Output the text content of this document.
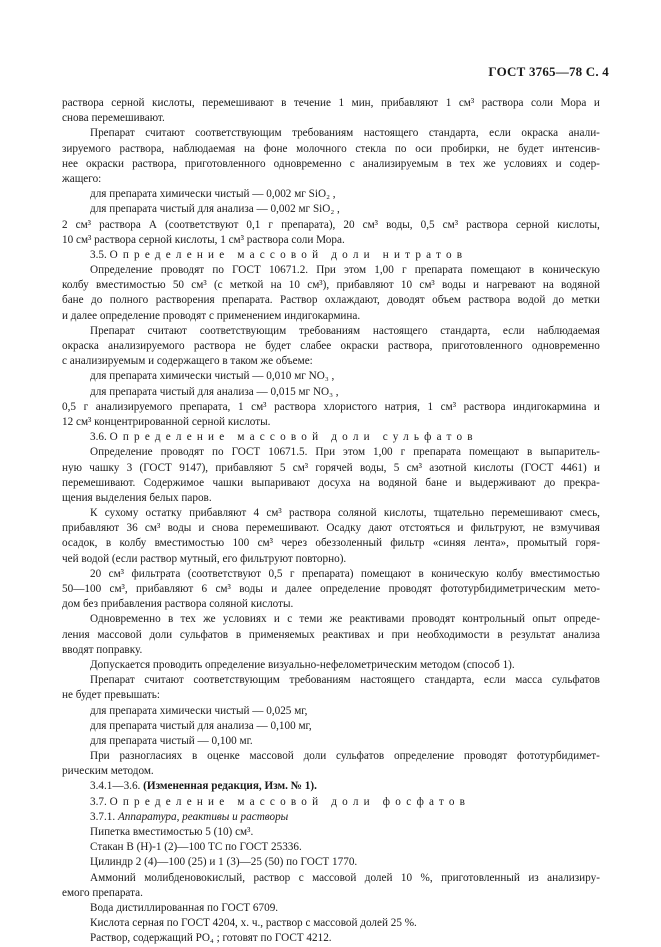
ГОСТ 3765—78 С. 4
раствора серной кислоты, перемешивают в течение 1 мин, прибавляют 1 см³ раствора соли Мора и
снова перемешивают.
Препарат считают соответствующим требованиям настоящего стандарта, если окраска анали-
зируемого раствора, наблюдаемая на фоне молочного стекла по оси пробирки, не будет интенсив-
нее окраски раствора, приготовленного одновременно с анализируемым в тех же условиях и содер-
жащего:
для препарата химически чистый — 0,002 мг SiO₂ ,
для препарата чистый для анализа — 0,002 мг SiO₂ ,
2 см³ раствора А (соответствуют 0,1 г препарата), 20 см³ воды, 0,5 см³ раствора серной кислоты,
10 см³ раствора серной кислоты, 1 см³ раствора соли Мора.
3.5. Определение массовой доли нитратов
Определение проводят по ГОСТ 10671.2. При этом 1,00 г препарата помещают в коническую
колбу вместимостью 50 см³ (с меткой на 10 см³), прибавляют 10 см³ воды и нагревают на водяной
бане до полного растворения препарата. Раствор охлаждают, доводят объем раствора водой до метки
и далее определение проводят с применением индигокармина.
Препарат считают соответствующим требованиям настоящего стандарта, если наблюдаемая
окраска анализируемого раствора не будет слабее окраски раствора, приготовленного одновременно
с анализируемым и содержащего в таком же объеме:
для препарата химически чистый — 0,010 мг NO₃ ,
для препарата чистый для анализа — 0,015 мг NO₃ ,
0,5 г анализируемого препарата, 1 см³ раствора хлористого натрия, 1 см³ раствора индигокармина и
12 см³ концентрированной серной кислоты.
3.6. Определение массовой доли сульфатов
Определение проводят по ГОСТ 10671.5. При этом 1,00 г препарата помещают в выпаритель-
ную чашку 3 (ГОСТ 9147), прибавляют 5 см³ горячей воды, 5 см³ азотной кислоты (ГОСТ 4461) и
перемешивают. Содержимое чашки выпаривают досуха на водяной бане и выдерживают до прекра-
щения выделения белых паров.
К сухому остатку прибавляют 4 см³ раствора соляной кислоты, тщательно перемешивают смесь,
прибавляют 36 см³ воды и снова перемешивают. Осадку дают отстояться и фильтруют, не взмучивая
осадок, в колбу вместимостью 100 см³ через обеззоленный фильтр «синяя лента», промытый горя-
чей водой (если раствор мутный, его фильтруют повторно).
20 см³ фильтрата (соответствуют 0,5 г препарата) помещают в коническую колбу вместимостью
50—100 см³, прибавляют 6 см³ воды и далее определение проводят фототурбидиметрическим мето-
дом без прибавления раствора соляной кислоты.
Одновременно в тех же условиях и с теми же реактивами проводят контрольный опыт опреде-
ления массовой доли сульфатов в применяемых реактивах и при необходимости в результат анализа
вводят поправку.
Допускается проводить определение визуально-нефелометрическим методом (способ 1).
Препарат считают соответствующим требованиям настоящего стандарта, если масса сульфатов
не будет превышать:
для препарата химически чистый — 0,025 мг,
для препарата чистый для анализа — 0,100 мг,
для препарата чистый — 0,100 мг.
При разногласиях в оценке массовой доли сульфатов определение проводят фототурбидимет-
рическим методом.
3.4.1—3.6. (Измененная редакция, Изм. № 1).
3.7. Определение массовой доли фосфатов
3.7.1. Аппаратура, реактивы и растворы
Пипетка вместимостью 5 (10) см³.
Стакан В (Н)-1 (2)—100 ТС по ГОСТ 25336.
Цилиндр 2 (4)—100 (25) и 1 (3)—25 (50) по ГОСТ 1770.
Аммоний молибденовокислый, раствор с массовой долей 10 %, приготовленный из анализиру-
емого препарата.
Вода дистиллированная по ГОСТ 6709.
Кислота серная по ГОСТ 4204, х. ч., раствор с массовой долей 25 %.
Раствор, содержащий PO₄ ; готовят по ГОСТ 4212.
